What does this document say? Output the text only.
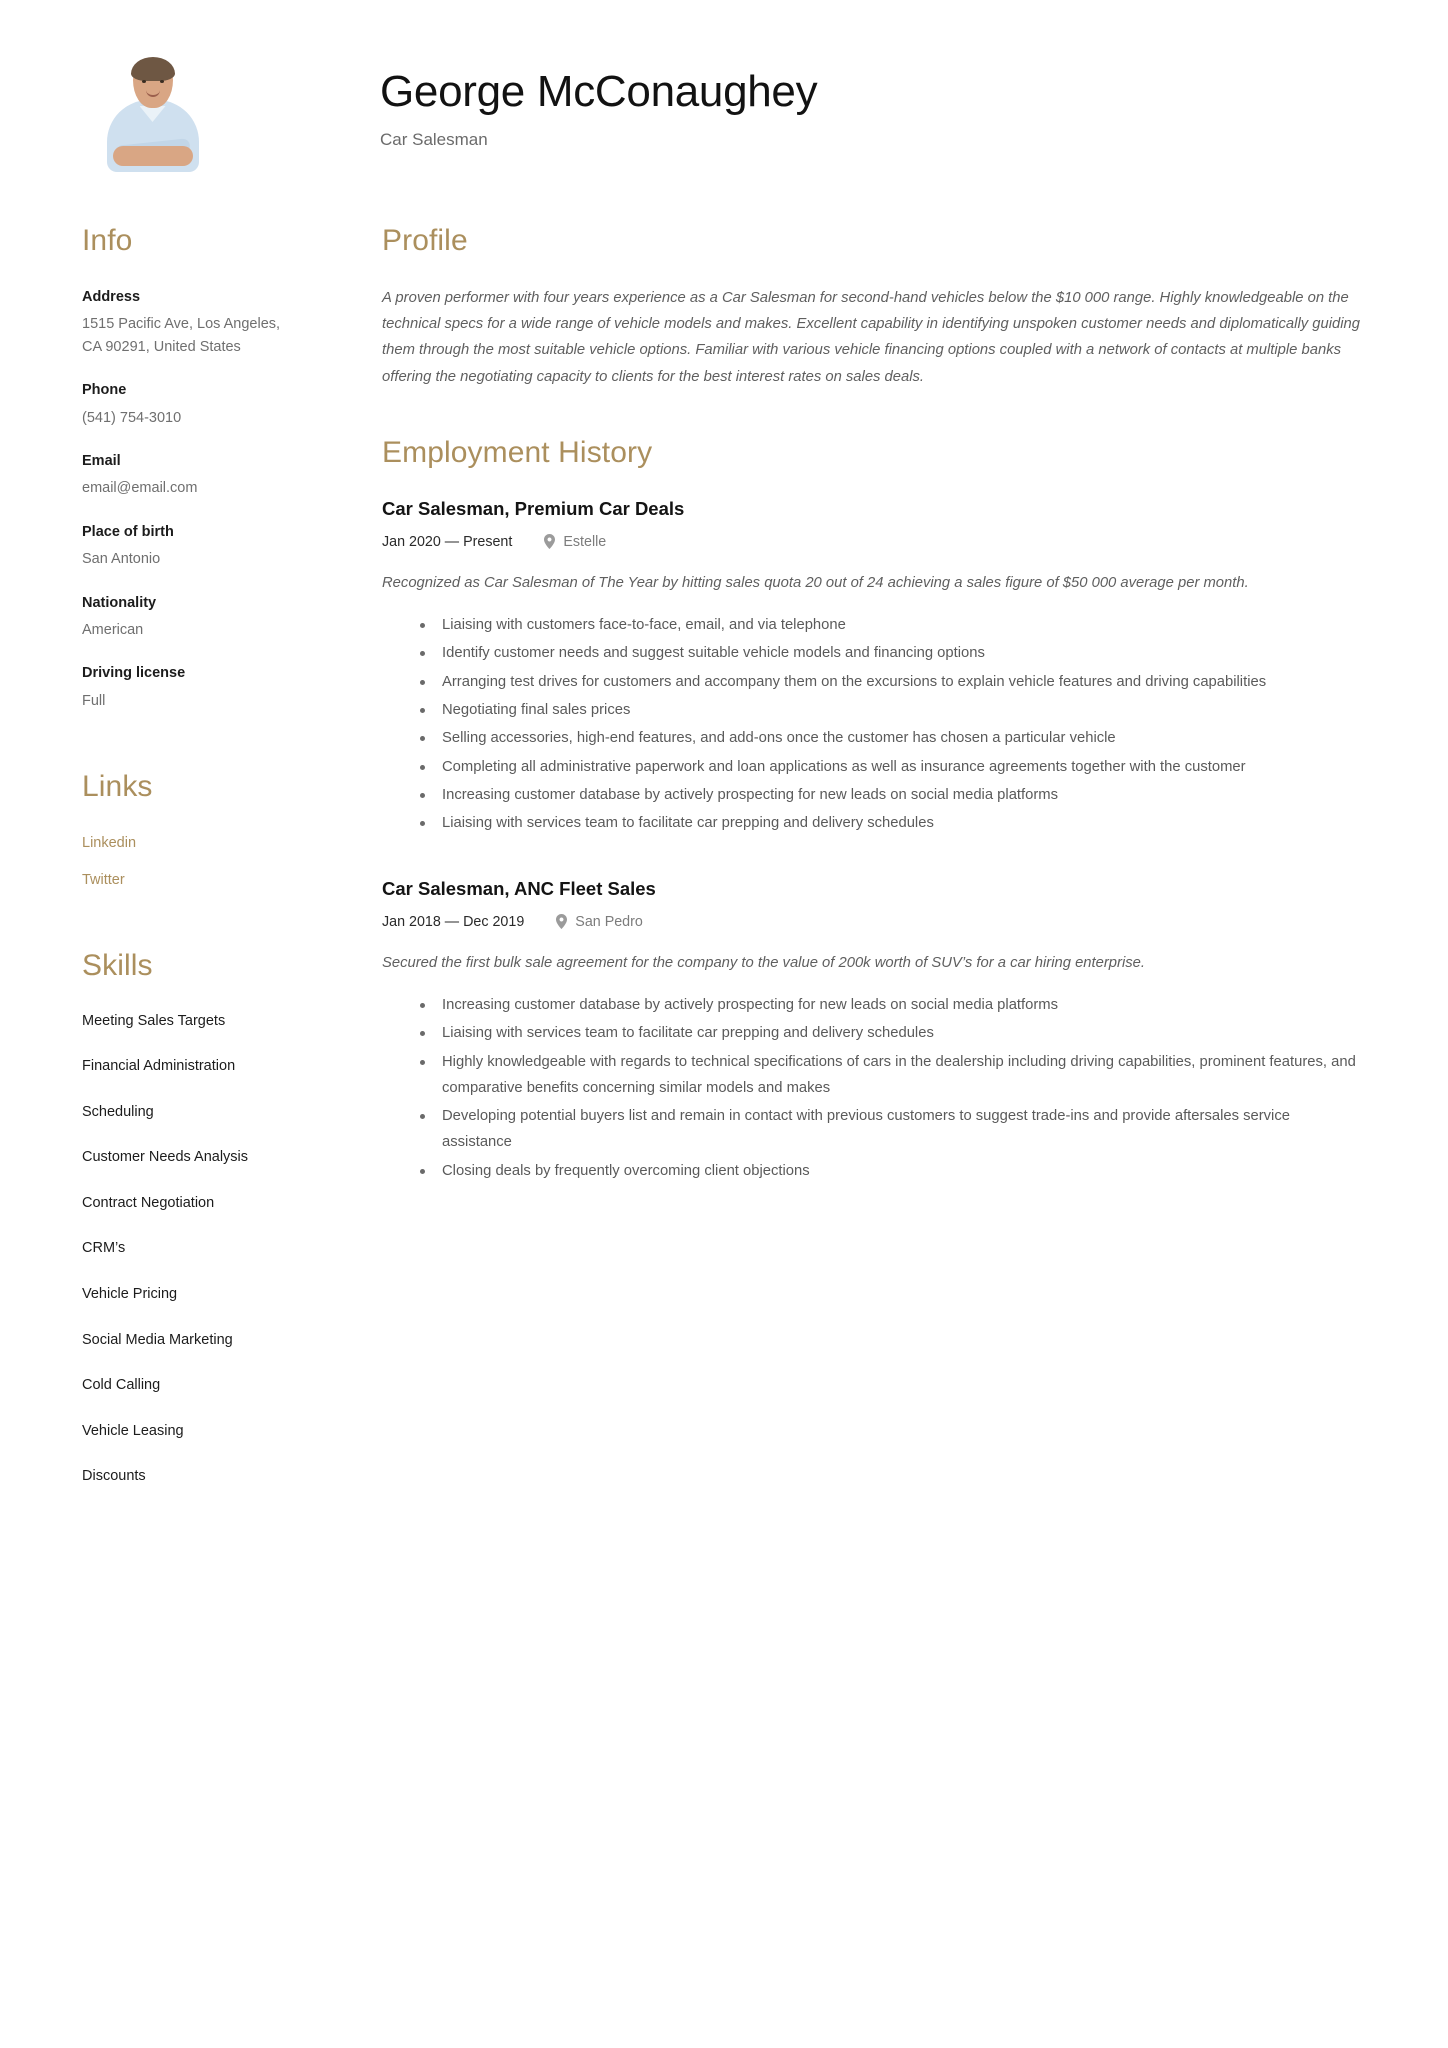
George McConaughey
Car Salesman
Info
Address
1515 Pacific Ave, Los Angeles, CA 90291, United States
Phone
(541) 754-3010
Email
email@email.com
Place of birth
San Antonio
Nationality
American
Driving license
Full
Links
Linkedin
Twitter
Skills
Meeting Sales Targets
Financial Administration
Scheduling
Customer Needs Analysis
Contract Negotiation
CRM’s
Vehicle Pricing
Social Media Marketing
Cold Calling
Vehicle Leasing
Discounts
Profile

A proven performer with four years experience as a Car Salesman for second-hand vehicles below the $10 000 range. Highly knowledgeable on the technical specs for a wide range of vehicle models and makes. Excellent capability in identifying unspoken customer needs and diplomatically guiding them through the most suitable vehicle options. Familiar with various vehicle financing options coupled with a network of contacts at multiple banks offering the negotiating capacity to clients for the best interest rates on sales deals.

Employment History
Car Salesman, Premium Car Deals
Jan 2020 — Present	Estelle

Recognized as Car Salesman of The Year by hitting sales quota 20 out of 24 achieving a sales figure of $50 000 average per month.

Liaising with customers face-to-face, email, and via telephone
Identify customer needs and suggest suitable vehicle models and financing options
Arranging test drives for customers and accompany them on the excursions to explain vehicle features and driving capabilities
Negotiating final sales prices
Selling accessories, high-end features, and add-ons once the customer has chosen a particular vehicle
Completing all administrative paperwork and loan applications as well as insurance agreements together with the customer
Increasing customer database by actively prospecting for new leads on social media platforms
Liaising with services team to facilitate car prepping and delivery schedules
Car Salesman, ANC Fleet Sales
Jan 2018 — Dec 2019	San Pedro

Secured the first bulk sale agreement for the company to the value of 200k worth of SUV’s for a car hiring enterprise.

Increasing customer database by actively prospecting for new leads on social media platforms
Liaising with services team to facilitate car prepping and delivery schedules
Highly knowledgeable with regards to technical specifications of cars in the dealership including driving capabilities, prominent features, and comparative benefits concerning similar models and makes
Developing potential buyers list and remain in contact with previous customers to suggest trade-ins and provide aftersales service assistance
Closing deals by frequently overcoming client objections
